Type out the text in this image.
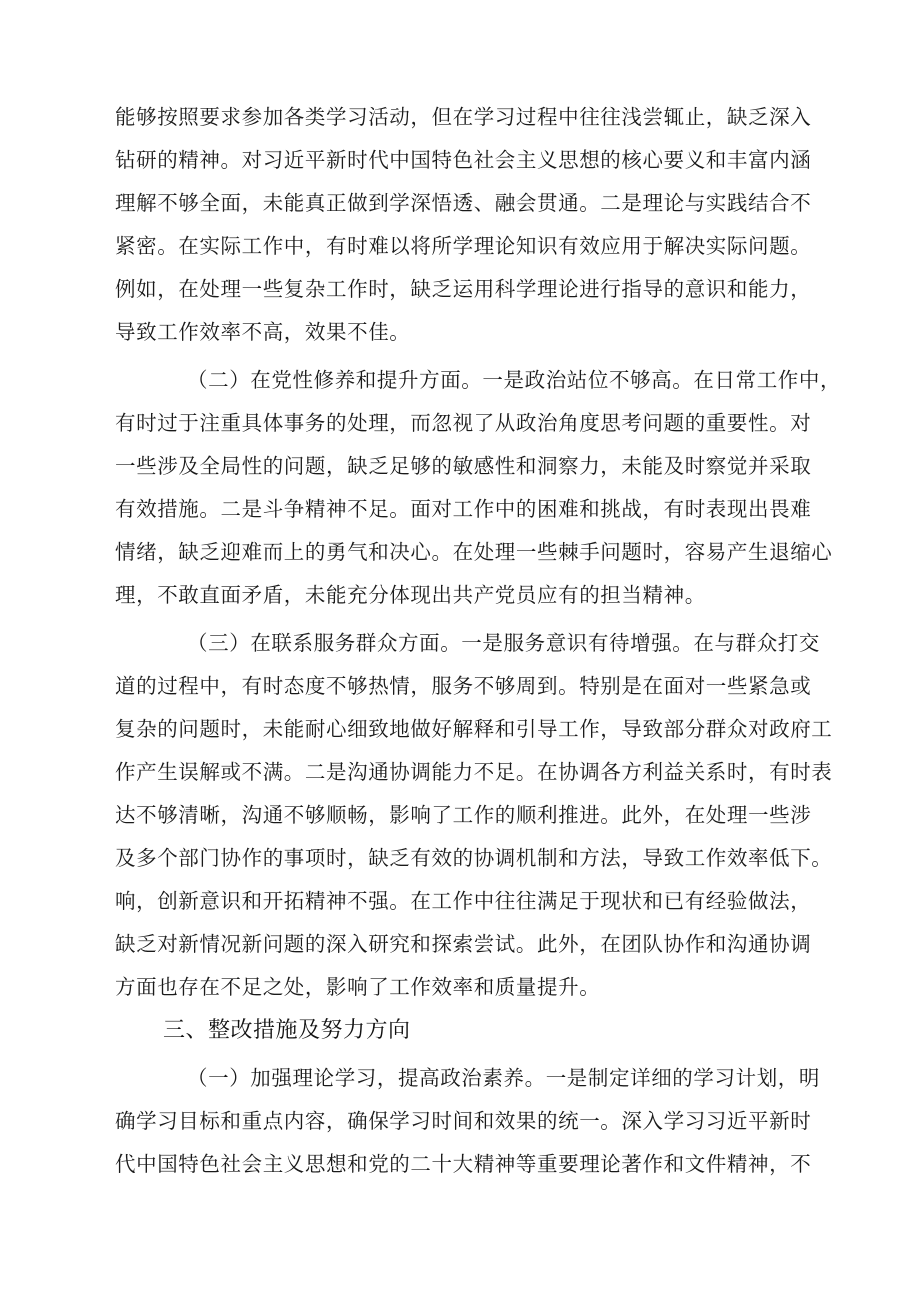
能够按照要求参加各类学习活动，但在学习过程中往往浅尝辄止，缺乏深入
钻研的精神。对习近平新时代中国特色社会主义思想的核心要义和丰富内涵
理解不够全面，未能真正做到学深悟透、融会贯通。二是理论与实践结合不
紧密。在实际工作中，有时难以将所学理论知识有效应用于解决实际问题。
例如，在处理一些复杂工作时，缺乏运用科学理论进行指导的意识和能力，
导致工作效率不高，效果不佳。
（二）在党性修养和提升方面。一是政治站位不够高。在日常工作中，
有时过于注重具体事务的处理，而忽视了从政治角度思考问题的重要性。对
一些涉及全局性的问题，缺乏足够的敏感性和洞察力，未能及时察觉并采取
有效措施。二是斗争精神不足。面对工作中的困难和挑战，有时表现出畏难
情绪，缺乏迎难而上的勇气和决心。在处理一些棘手问题时，容易产生退缩心
理，不敢直面矛盾，未能充分体现出共产党员应有的担当精神。
（三）在联系服务群众方面。一是服务意识有待增强。在与群众打交
道的过程中，有时态度不够热情，服务不够周到。特别是在面对一些紧急或
复杂的问题时，未能耐心细致地做好解释和引导工作，导致部分群众对政府工
作产生误解或不满。二是沟通协调能力不足。在协调各方利益关系时，有时表
达不够清晰，沟通不够顺畅，影响了工作的顺利推进。此外，在处理一些涉
及多个部门协作的事项时，缺乏有效的协调机制和方法，导致工作效率低下。
响，创新意识和开拓精神不强。在工作中往往满足于现状和已有经验做法，
缺乏对新情况新问题的深入研究和探索尝试。此外，在团队协作和沟通协调
方面也存在不足之处，影响了工作效率和质量提升。
三、整改措施及努力方向
（一）加强理论学习，提高政治素养。一是制定详细的学习计划，明
确学习目标和重点内容，确保学习时间和效果的统一。深入学习习近平新时
代中国特色社会主义思想和党的二十大精神等重要理论著作和文件精神，不
